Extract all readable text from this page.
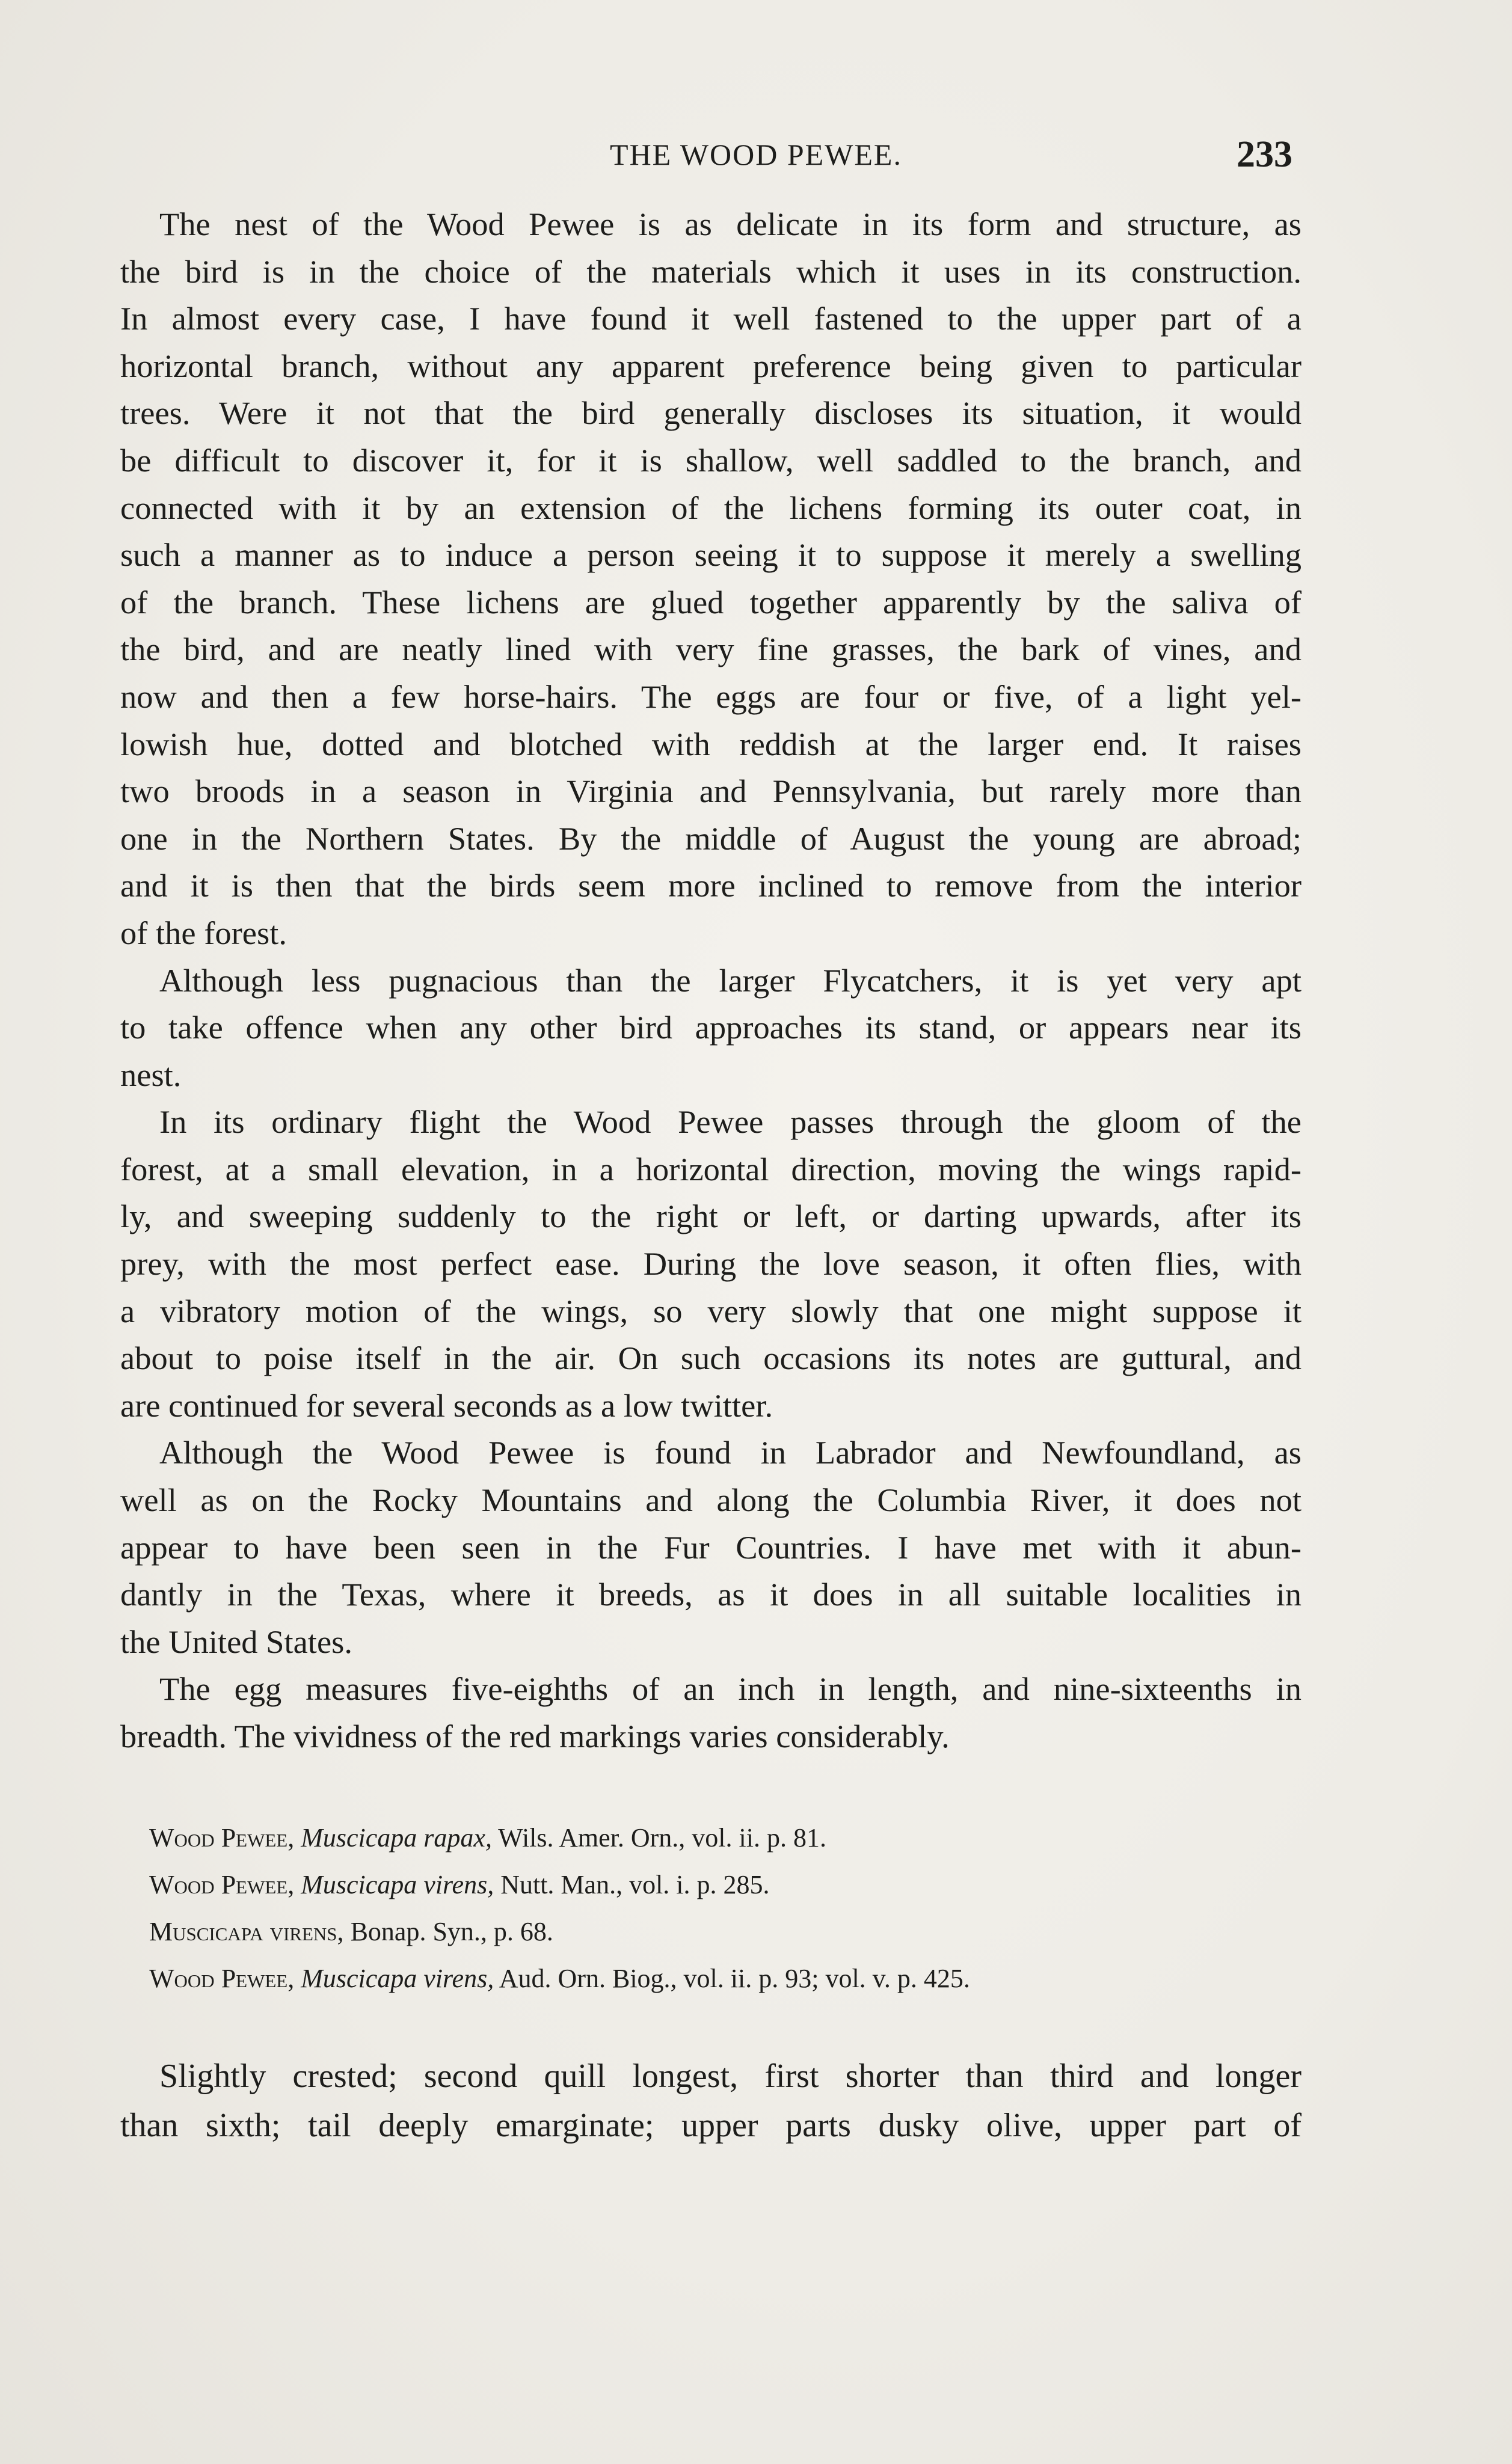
THE WOOD PEWEE.	233
The nest of the Wood Pewee is as delicate in its form and structure, as
the bird is in the choice of the materials which it uses in its construction.
In almost every case, I have found it well fastened to the upper part of a
horizontal branch, without any apparent preference being given to particular
trees. Were it not that the bird generally discloses its situation, it would
be difficult to discover it, for it is shallow, well saddled to the branch, and
connected with it by an extension of the lichens forming its outer coat, in
such a manner as to induce a person seeing it to suppose it merely a swelling
of the branch. These lichens are glued together apparently by the saliva of
the bird, and are neatly lined with very fine grasses, the bark of vines, and
now and then a few horse-hairs. The eggs are four or five, of a light yel-
lowish hue, dotted and blotched with reddish at the larger end. It raises
two broods in a season in Virginia and Pennsylvania, but rarely more than
one in the Northern States. By the middle of August the young are abroad;
and it is then that the birds seem more inclined to remove from the interior
of the forest.
Although less pugnacious than the larger Flycatchers, it is yet very apt
to take offence when any other bird approaches its stand, or appears near its
nest.
In its ordinary flight the Wood Pewee passes through the gloom of the
forest, at a small elevation, in a horizontal direction, moving the wings rapid-
ly, and sweeping suddenly to the right or left, or darting upwards, after its
prey, with the most perfect ease. During the love season, it often flies, with
a vibratory motion of the wings, so very slowly that one might suppose it
about to poise itself in the air. On such occasions its notes are guttural, and
are continued for several seconds as a low twitter.
Although the Wood Pewee is found in Labrador and Newfoundland, as
well as on the Rocky Mountains and along the Columbia River, it does not
appear to have been seen in the Fur Countries. I have met with it abun-
dantly in the Texas, where it breeds, as it does in all suitable localities in
the United States.
The egg measures five-eighths of an inch in length, and nine-sixteenths in
breadth. The vividness of the red markings varies considerably.
Wood Pewee, Muscicapa rapax, Wils. Amer. Orn., vol. ii. p. 81.
Wood Pewee, Muscicapa virens, Nutt. Man., vol. i. p. 285.
Muscicapa virens, Bonap. Syn., p. 68.
Wood Pewee, Muscicapa virens, Aud. Orn. Biog., vol. ii. p. 93; vol. v. p. 425.
Slightly crested; second quill longest, first shorter than third and longer
than sixth; tail deeply emarginate; upper parts dusky olive, upper part of
